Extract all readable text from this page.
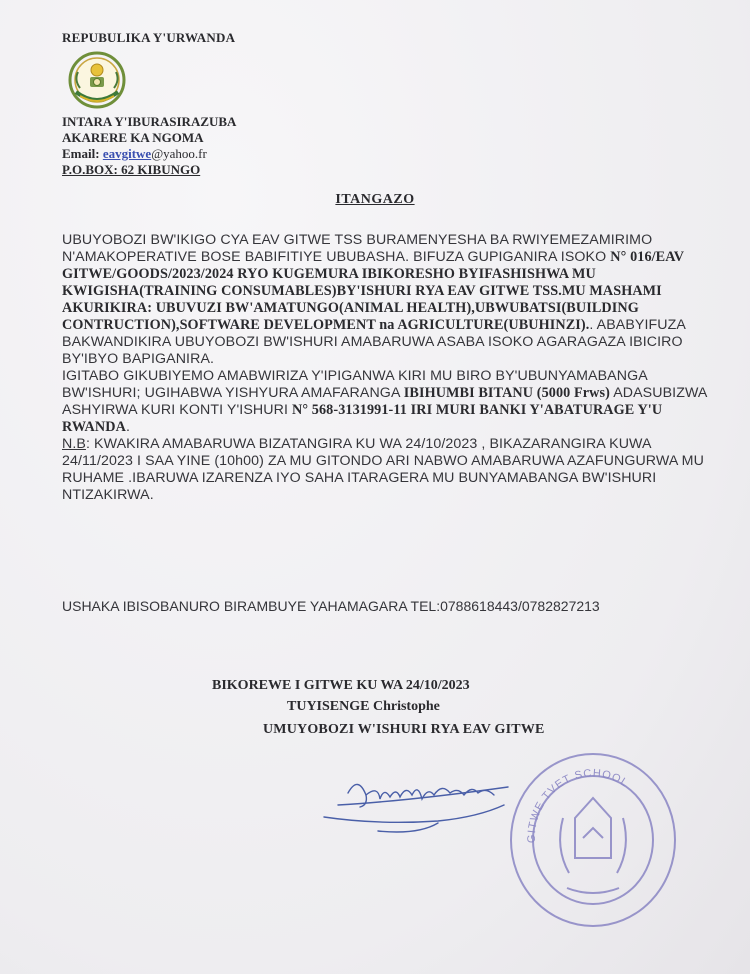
REPUBULIKA Y'URWANDA
INTARA Y'IBURASIRAZUBA
AKARERE KA NGOMA
Email: eavgitwe@yahoo.fr
P.O.BOX: 62 KIBUNGO
ITANGAZO

UBUYOBOZI BW'IKIGO CYA EAV GITWE TSS BURAMENYESHA BA RWIYEMEZAMIRIMO N'AMAKOPERATIVE BOSE BABIFITIYE UBUBASHA. BIFUZA GUPIGANIRA ISOKO N° 016/EAV GITWE/GOODS/2023/2024 RYO KUGEMURA IBIKORESHO BYIFASHISHWA MU KWIGISHA(TRAINING CONSUMABLES)BY'ISHURI RYA EAV GITWE TSS.MU MASHAMI AKURIKIRA: UBUVUZI BW'AMATUNGO(ANIMAL HEALTH),UBWUBATSI(BUILDING CONTRUCTION),SOFTWARE DEVELOPMENT na AGRICULTURE(UBUHINZI).. ABABYIFUZA BAKWANDIKIRA UBUYOBOZI BW'ISHURI AMABARUWA ASABA ISOKO AGARAGAZA IBICIRO BY'IBYO BAPIGANIRA.

IGITABO GIKUBIYEMO AMABWIRIZA Y'IPIGANWA KIRI MU BIRO BY'UBUNYAMABANGA BW'ISHURI; UGIHABWA YISHYURA AMAFARANGA IBIHUMBI BITANU (5000 Frws) ADASUBIZWA ASHYIRWA KURI KONTI Y'ISHURI N° 568-3131991-11 IRI MURI BANKI Y'ABATURAGE Y'U RWANDA.

N.B: KWAKIRA AMABARUWA BIZATANGIRA KU WA 24/10/2023 , BIKAZARANGIRA KUWA 24/11/2023 I SAA YINE (10h00) ZA MU GITONDO ARI NABWO AMABARUWA AZAFUNGURWA MU RUHAME .IBARUWA IZARENZA IYO SAHA ITARAGERA MU BUNYAMABANGA BW'ISHURI NTIZAKIRWA.

USHAKA IBISOBANURO BIRAMBUYE YAHAMAGARA TEL:0788618443/0782827213
BIKOREWE I GITWE KU WA 24/10/2023
TUYISENGE Christophe
UMUYOBOZI W'ISHURI RYA EAV GITWE
GITWE TVET SCHOOL
